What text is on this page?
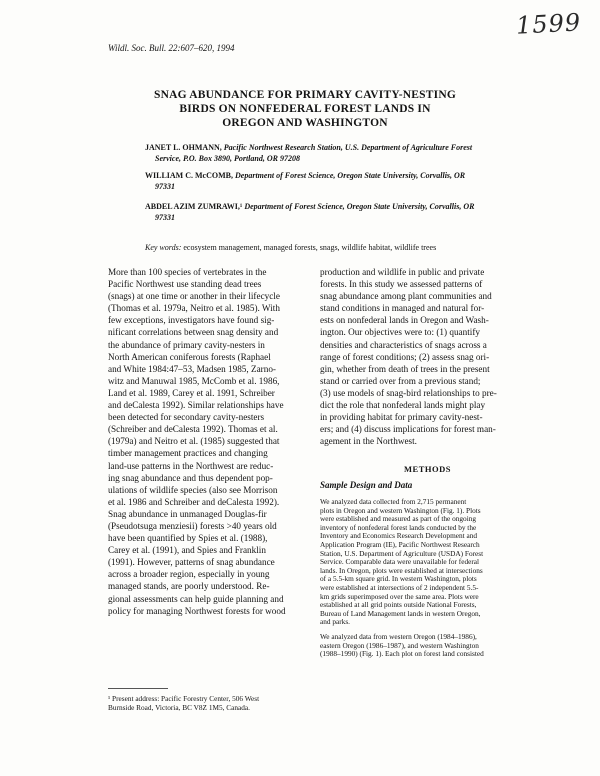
1599
Wildl. Soc. Bull. 22:607–620, 1994
SNAG ABUNDANCE FOR PRIMARY CAVITY-NESTING
BIRDS ON NONFEDERAL FOREST LANDS IN
OREGON AND WASHINGTON
JANET L. OHMANN, Pacific Northwest Research Station, U.S. Department of Agriculture Forest
Service, P.O. Box 3890, Portland, OR 97208
WILLIAM C. McCOMB, Department of Forest Science, Oregon State University, Corvallis, OR
97331
ABDEL AZIM ZUMRAWI,¹ Department of Forest Science, Oregon State University, Corvallis, OR
97331
Key words: ecosystem management, managed forests, snags, wildlife habitat, wildlife trees
More than 100 species of vertebrates in the
Pacific Northwest use standing dead trees
(snags) at one time or another in their lifecycle
(Thomas et al. 1979a, Neitro et al. 1985). With
few exceptions, investigators have found sig-
nificant correlations between snag density and
the abundance of primary cavity-nesters in
North American coniferous forests (Raphael
and White 1984:47–53, Madsen 1985, Zarno-
witz and Manuwal 1985, McComb et al. 1986,
Land et al. 1989, Carey et al. 1991, Schreiber
and deCalesta 1992). Similar relationships have
been detected for secondary cavity-nesters
(Schreiber and deCalesta 1992). Thomas et al.
(1979a) and Neitro et al. (1985) suggested that
timber management practices and changing
land-use patterns in the Northwest are reduc-
ing snag abundance and thus dependent pop-
ulations of wildlife species (also see Morrison
et al. 1986 and Schreiber and deCalesta 1992).
Snag abundance in unmanaged Douglas-fir
(Pseudotsuga menziesii) forests >40 years old
have been quantified by Spies et al. (1988),
Carey et al. (1991), and Spies and Franklin
(1991). However, patterns of snag abundance
across a broader region, especially in young
managed stands, are poorly understood. Re-
gional assessments can help guide planning and
policy for managing Northwest forests for wood
production and wildlife in public and private
forests. In this study we assessed patterns of
snag abundance among plant communities and
stand conditions in managed and natural for-
ests on nonfederal lands in Oregon and Wash-
ington. Our objectives were to: (1) quantify
densities and characteristics of snags across a
range of forest conditions; (2) assess snag ori-
gin, whether from death of trees in the present
stand or carried over from a previous stand;
(3) use models of snag-bird relationships to pre-
dict the role that nonfederal lands might play
in providing habitat for primary cavity-nest-
ers; and (4) discuss implications for forest man-
agement in the Northwest.
METHODS
Sample Design and Data
We analyzed data collected from 2,715 permanent
plots in Oregon and western Washington (Fig. 1). Plots
were established and measured as part of the ongoing
inventory of nonfederal forest lands conducted by the
Inventory and Economics Research Development and
Application Program (IE), Pacific Northwest Research
Station, U.S. Department of Agriculture (USDA) Forest
Service. Comparable data were unavailable for federal
lands. In Oregon, plots were established at intersections
of a 5.5-km square grid. In western Washington, plots
were established at intersections of 2 independent 5.5-
km grids superimposed over the same area. Plots were
established at all grid points outside National Forests,
Bureau of Land Management lands in western Oregon,
and parks.
We analyzed data from western Oregon (1984–1986),
eastern Oregon (1986–1987), and western Washington
(1988–1990) (Fig. 1). Each plot on forest land consisted
¹ Present address: Pacific Forestry Center, 506 West
Burnside Road, Victoria, BC V8Z 1M5, Canada.
